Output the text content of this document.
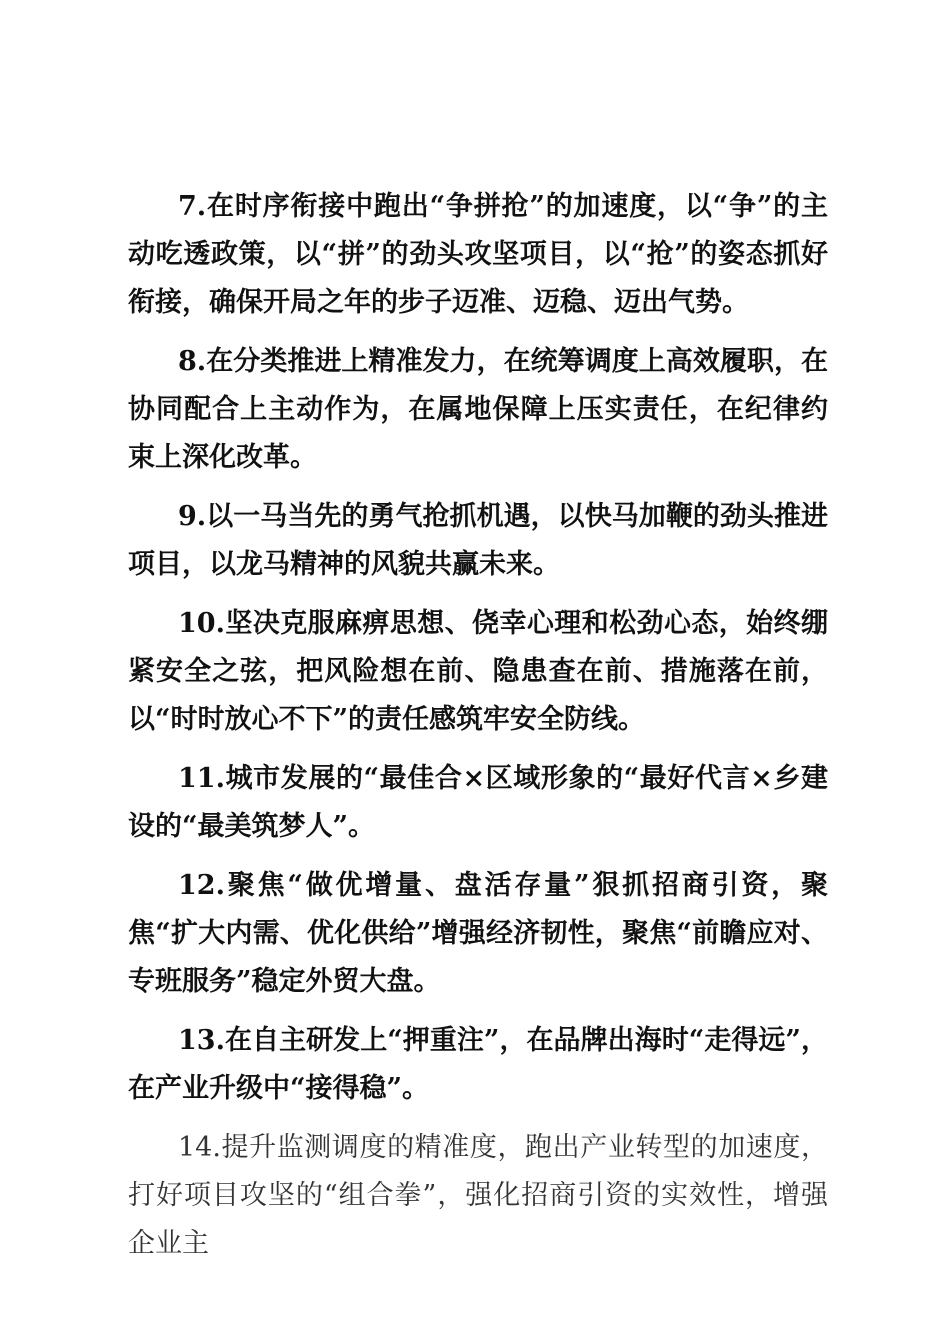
7.在时序衔接中跑出“争拼抢”的加速度，以“争”的主动吃透政策，以“拼”的劲头攻坚项目，以“抢”的姿态抓好衔接，确保开局之年的步子迈准、迈稳、迈出气势。

8.在分类推进上精准发力，在统筹调度上高效履职，在协同配合上主动作为，在属地保障上压实责任，在纪律约束上深化改革。

9.以一马当先的勇气抢抓机遇，以快马加鞭的劲头推进项目，以龙马精神的风貌共赢未来。

10.坚决克服麻痹思想、侥幸心理和松劲心态，始终绷紧安全之弦，把风险想在前、隐患查在前、措施落在前，以“时时放心不下”的责任感筑牢安全防线。

11.城市发展的“最佳合×区域形象的“最好代言×乡建设的“最美筑梦人”。

12.聚焦“做优增量、盘活存量”狠抓招商引资，聚焦“扩大内需、优化供给”增强经济韧性，聚焦“前瞻应对、专班服务”稳定外贸大盘。

13.在自主研发上“押重注”，在品牌出海时“走得远”，在产业升级中“接得稳”。

14.提升监测调度的精准度，跑出产业转型的加速度，打好项目攻坚的“组合拳”，强化招商引资的实效性，增强企业主
